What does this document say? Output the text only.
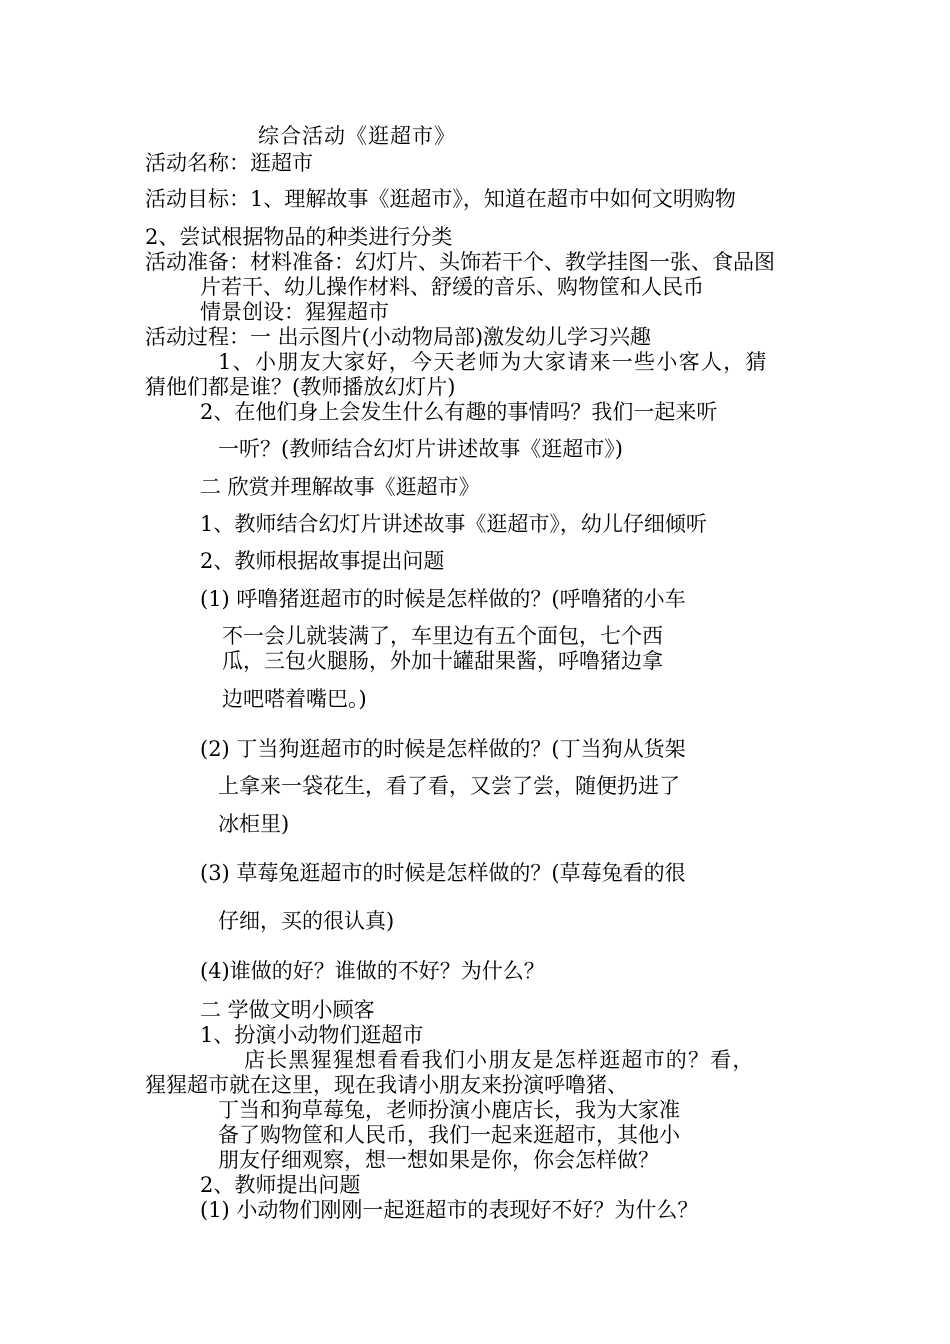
综合活动《逛超市》
活动名称：逛超市
活动目标：1、理解故事《逛超市》，知道在超市中如何文明购物
2、尝试根据物品的种类进行分类
活动准备：材料准备：幻灯片、头饰若干个、教学挂图一张、食品图
片若干、幼儿操作材料、舒缓的音乐、购物筐和人民币
情景创设：猩猩超市
活动过程：一 出示图片(小动物局部)激发幼儿学习兴趣
1、小朋友大家好，今天老师为大家请来一些小客人，猜
猜他们都是谁？(教师播放幻灯片)
2、在他们身上会发生什么有趣的事情吗？我们一起来听
一听？(教师结合幻灯片讲述故事《逛超市》)
二 欣赏并理解故事《逛超市》
1、教师结合幻灯片讲述故事《逛超市》，幼儿仔细倾听
2、教师根据故事提出问题
(1) 呼噜猪逛超市的时候是怎样做的？(呼噜猪的小车
不一会儿就装满了，车里边有五个面包，七个西
瓜，三包火腿肠，外加十罐甜果酱，呼噜猪边拿
边吧嗒着嘴巴。)
(2) 丁当狗逛超市的时候是怎样做的？(丁当狗从货架
上拿来一袋花生，看了看，又尝了尝，随便扔进了
冰柜里)
(3) 草莓兔逛超市的时候是怎样做的？(草莓兔看的很
仔细，买的很认真)
(4)谁做的好？谁做的不好？为什么？
二 学做文明小顾客
1、扮演小动物们逛超市
店长黑猩猩想看看我们小朋友是怎样逛超市的？看，
猩猩超市就在这里，现在我请小朋友来扮演呼噜猪、
丁当和狗草莓兔，老师扮演小鹿店长，我为大家准
备了购物筐和人民币，我们一起来逛超市，其他小
朋友仔细观察，想一想如果是你，你会怎样做？
2、教师提出问题
(1) 小动物们刚刚一起逛超市的表现好不好？为什么？
